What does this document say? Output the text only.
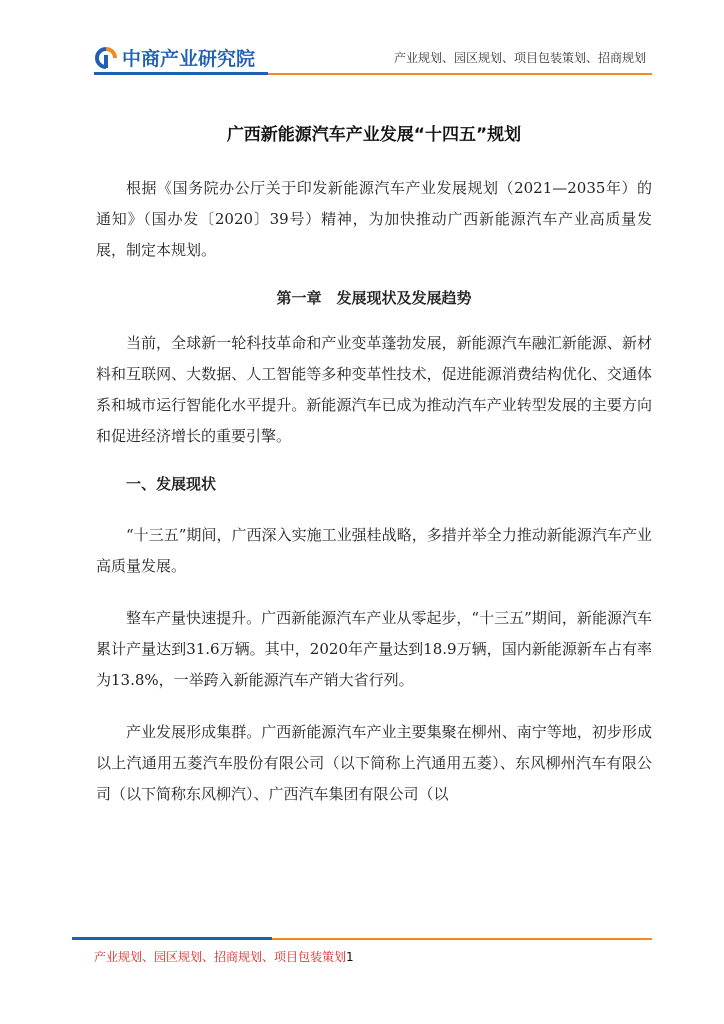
中商产业研究院	产业规划、园区规划、项目包装策划、招商规划
广西新能源汽车产业发展“十四五”规划

根据《国务院办公厅关于印发新能源汽车产业发展规划（2021—2035年）的通知》（国办发〔2020〕39号）精神，为加快推动广西新能源汽车产业高质量发展，制定本规划。

第一章　发展现状及发展趋势

当前，全球新一轮科技革命和产业变革蓬勃发展，新能源汽车融汇新能源、新材料和互联网、大数据、人工智能等多种变革性技术，促进能源消费结构优化、交通体系和城市运行智能化水平提升。新能源汽车已成为推动汽车产业转型发展的主要方向和促进经济增长的重要引擎。

一、发展现状

“十三五”期间，广西深入实施工业强桂战略，多措并举全力推动新能源汽车产业高质量发展。

整车产量快速提升。广西新能源汽车产业从零起步，“十三五”期间，新能源汽车累计产量达到31.6万辆。其中，2020年产量达到18.9万辆，国内新能源新车占有率为13.8%，一举跨入新能源汽车产销大省行列。

产业发展形成集群。广西新能源汽车产业主要集聚在柳州、南宁等地，初步形成以上汽通用五菱汽车股份有限公司（以下简称上汽通用五菱）、东风柳州汽车有限公司（以下简称东风柳汽）、广西汽车集团有限公司（以

产业规划、园区规划、招商规划、项目包装策划1
